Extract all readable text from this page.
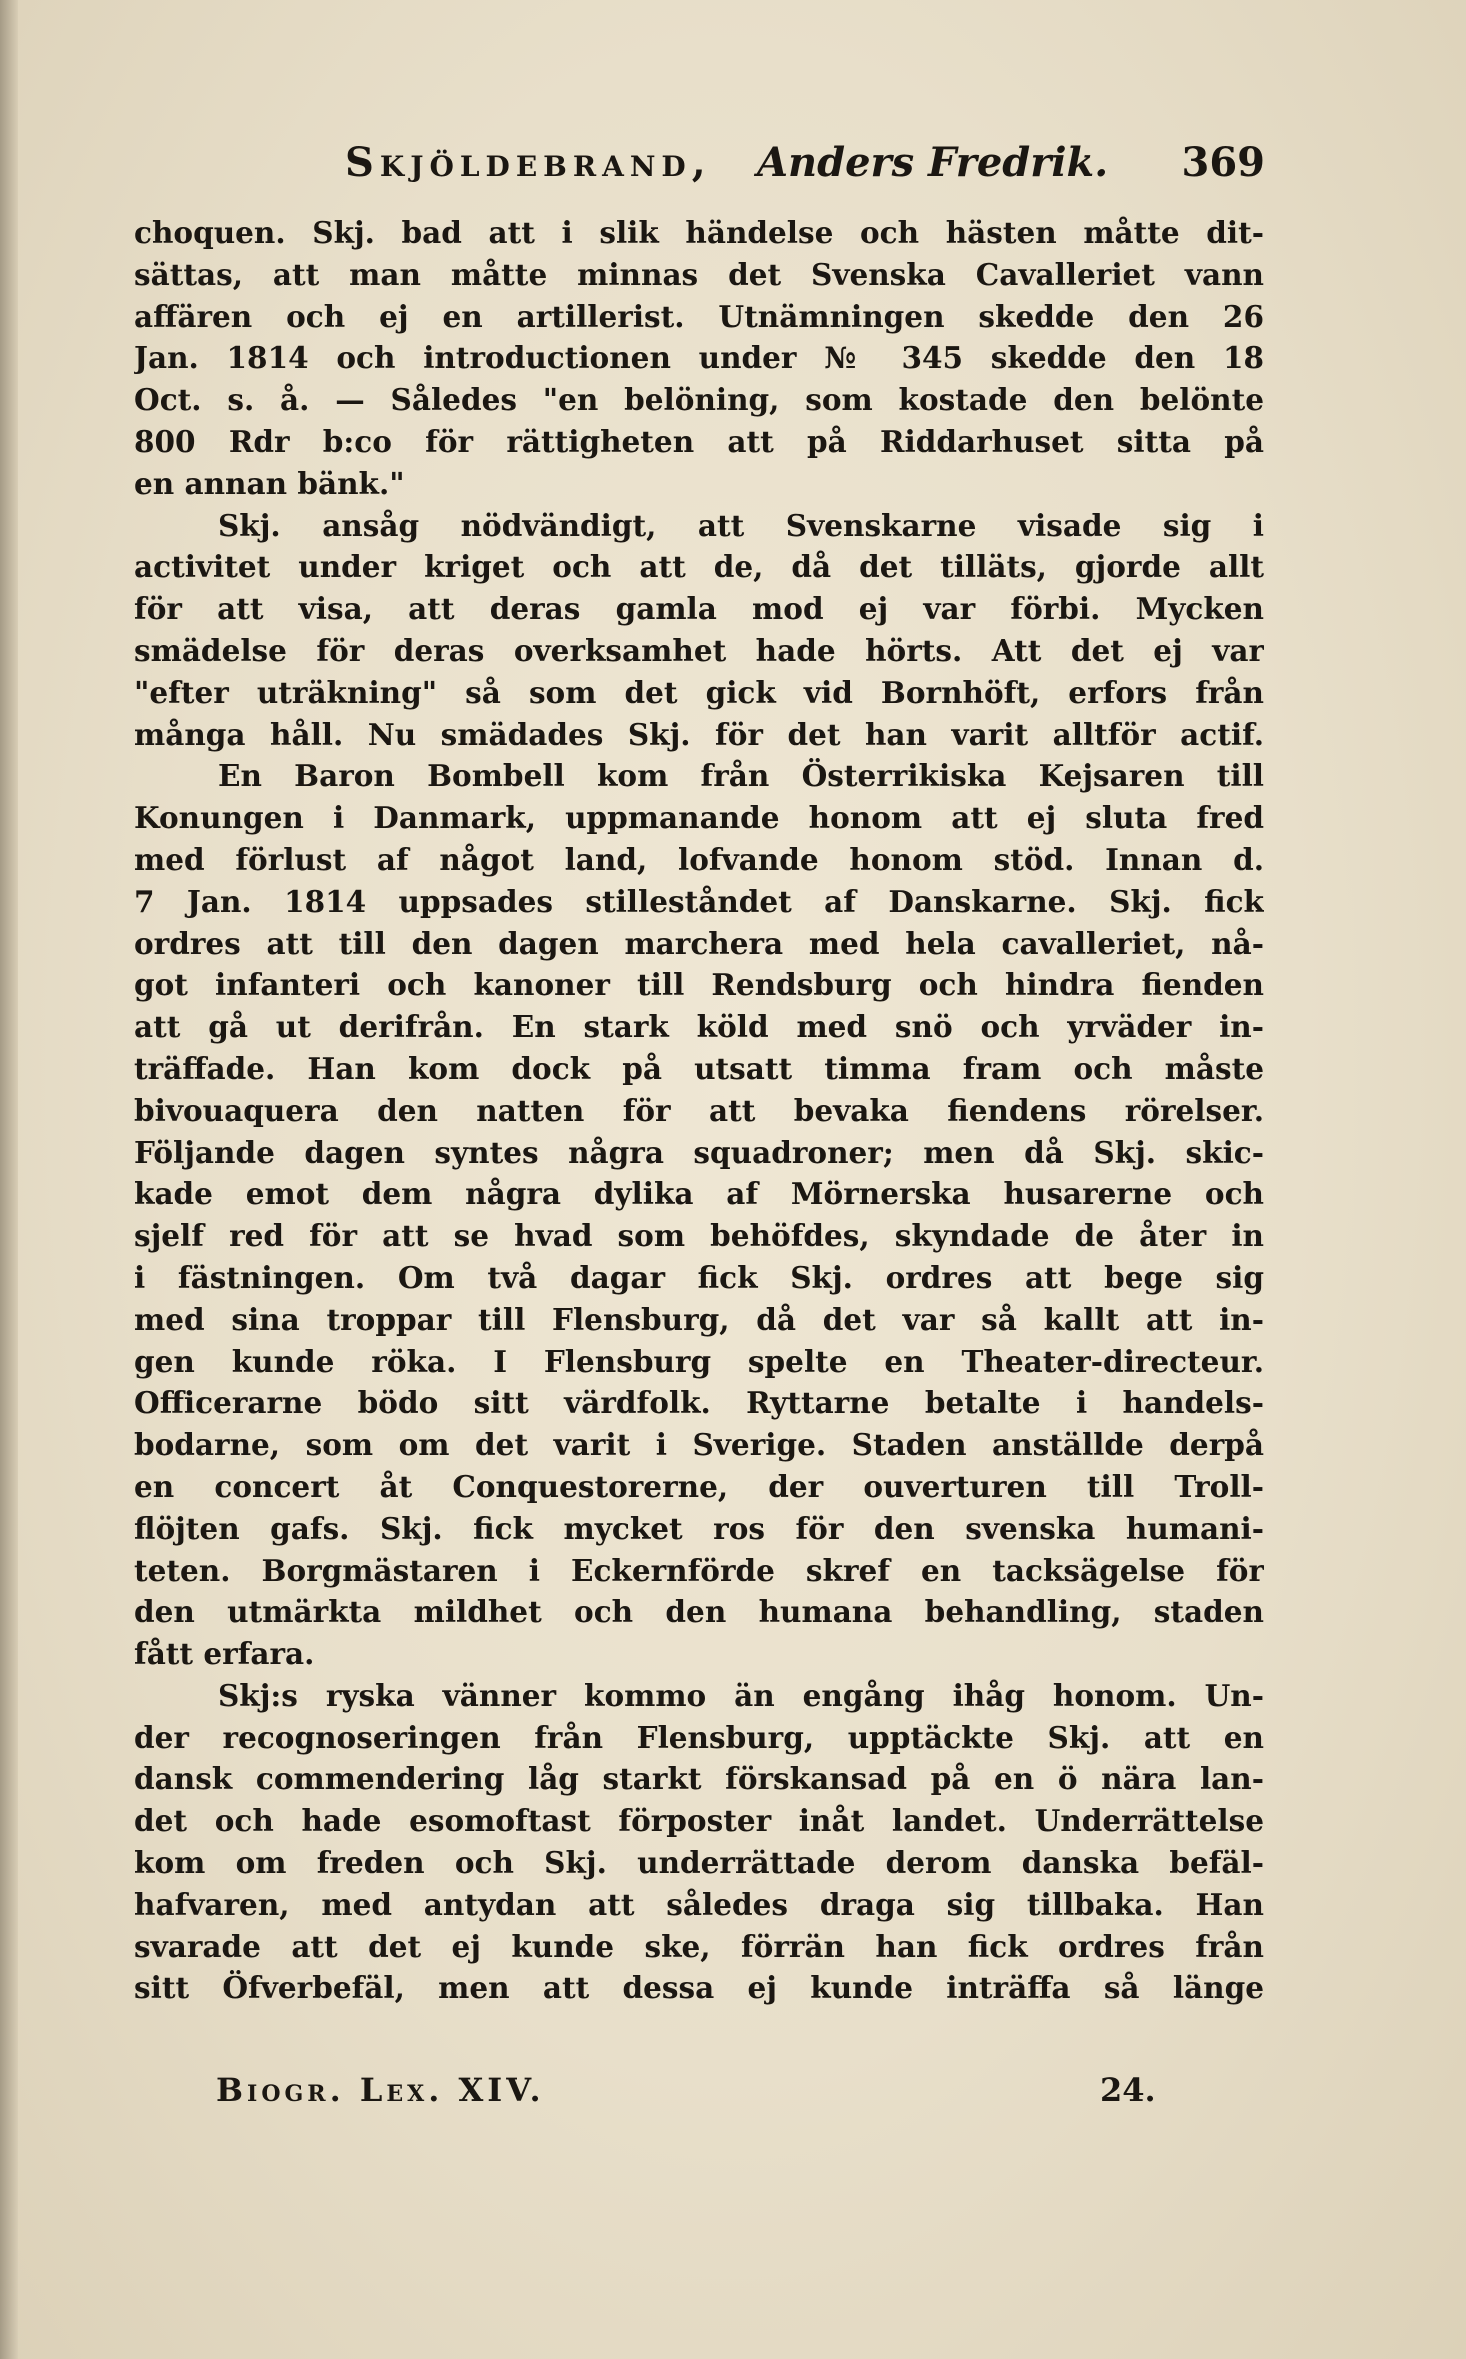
Skjöldebrand, Anders Fredrik. 369
choquen. Skj. bad att i slik händelse och hästen måtte dit-
sättas, att man måtte minnas det Svenska Cavalleriet vann
affären och ej en artillerist. Utnämningen skedde den 26
Jan. 1814 och introductionen under № 345 skedde den 18
Oct. s. å. — Således "en belöning, som kostade den belönte
800 Rdr b:co för rättigheten att på Riddarhuset sitta på
en annan bänk."
Skj. ansåg nödvändigt, att Svenskarne visade sig i
activitet under kriget och att de, då det tilläts, gjorde allt
för att visa, att deras gamla mod ej var förbi. Mycken
smädelse för deras overksamhet hade hörts. Att det ej var
"efter uträkning" så som det gick vid Bornhöft, erfors från
många håll. Nu smädades Skj. för det han varit alltför actif.
En Baron Bombell kom från Österrikiska Kejsaren till
Konungen i Danmark, uppmanande honom att ej sluta fred
med förlust af något land, lofvande honom stöd. Innan d.
7 Jan. 1814 uppsades stilleståndet af Danskarne. Skj. fick
ordres att till den dagen marchera med hela cavalleriet, nå-
got infanteri och kanoner till Rendsburg och hindra fienden
att gå ut derifrån. En stark köld med snö och yrväder in-
träffade. Han kom dock på utsatt timma fram och måste
bivouaquera den natten för att bevaka fiendens rörelser.
Följande dagen syntes några squadroner; men då Skj. skic-
kade emot dem några dylika af Mörnerska husarerne och
sjelf red för att se hvad som behöfdes, skyndade de åter in
i fästningen. Om två dagar fick Skj. ordres att bege sig
med sina troppar till Flensburg, då det var så kallt att in-
gen kunde röka. I Flensburg spelte en Theater-directeur.
Officerarne bödo sitt värdfolk. Ryttarne betalte i handels-
bodarne, som om det varit i Sverige. Staden anställde derpå
en concert åt Conquestorerne, der ouverturen till Troll-
flöjten gafs. Skj. fick mycket ros för den svenska humani-
teten. Borgmästaren i Eckernförde skref en tacksägelse för
den utmärkta mildhet och den humana behandling, staden
fått erfara.
Skj:s ryska vänner kommo än engång ihåg honom. Un-
der recognoseringen från Flensburg, upptäckte Skj. att en
dansk commendering låg starkt förskansad på en ö nära lan-
det och hade esomoftast förposter inåt landet. Underrättelse
kom om freden och Skj. underrättade derom danska befäl-
hafvaren, med antydan att således draga sig tillbaka. Han
svarade att det ej kunde ske, förrän han fick ordres från
sitt Öfverbefäl, men att dessa ej kunde inträffa så länge
Biogr. Lex. XIV.	24.
